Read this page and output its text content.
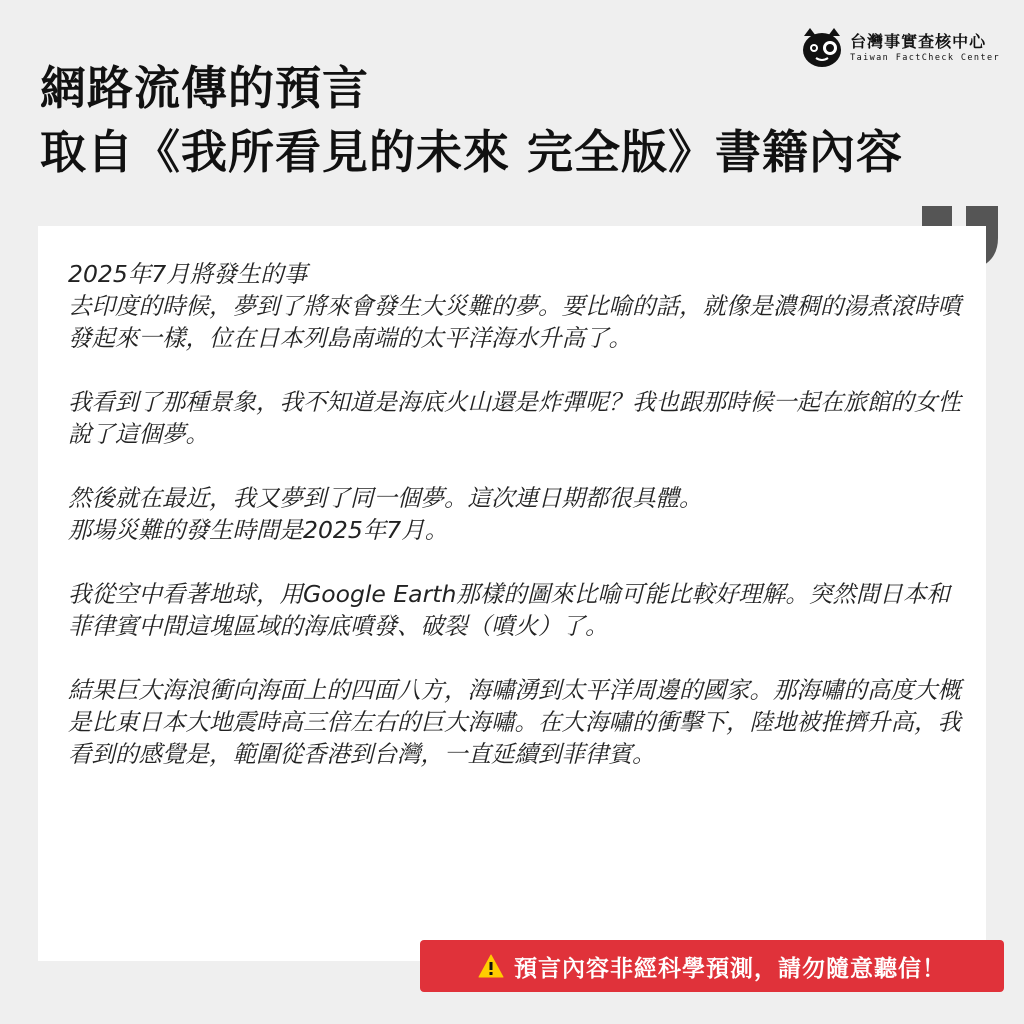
台灣事實查核中心
Taiwan FactCheck Center
網路流傳的預言
取自《我所看見的未來 完全版》書籍內容

2025年7月將發生的事

去印度的時候，夢到了將來會發生大災難的夢。要比喻的話，就像是濃稠的湯煮滾時噴發起來一樣，位在日本列島南端的太平洋海水升高了。

我看到了那種景象，我不知道是海底火山還是炸彈呢？我也跟那時候一起在旅館的女性說了這個夢。

然後就在最近，我又夢到了同一個夢。這次連日期都很具體。
那場災難的發生時間是2025年7月。

我從空中看著地球，用Google Earth那樣的圖來比喻可能比較好理解。突然間日本和菲律賓中間這塊區域的海底噴發、破裂（噴火）了。

結果巨大海浪衝向海面上的四面八方，海嘯湧到太平洋周邊的國家。那海嘯的高度大概是比東日本大地震時高三倍左右的巨大海嘯。在大海嘯的衝擊下，陸地被推擠升高，我看到的感覺是，範圍從香港到台灣，一直延續到菲律賓。

預言內容非經科學預測，請勿隨意聽信！
